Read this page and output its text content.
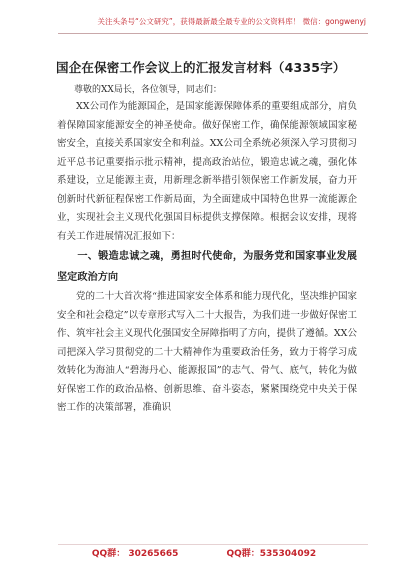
关注头条号“公文研究”，获得最新最全最专业的公文资料库！ 微信：gongwenyj
国企在保密工作会议上的汇报发言材料（4335字）
尊敬的XX局长，各位领导，同志们：

XX公司作为能源国企，是国家能源保障体系的重要组成部分，肩负着保障国家能源安全的神圣使命。做好保密工作，确保能源领域国家秘密安全，直接关系国家安全和利益。XX公司全系统必须深入学习贯彻习近平总书记重要指示批示精神，提高政治站位，锻造忠诚之魂，强化体系建设，立足能源主责，用新理念新举措引领保密工作新发展，奋力开创新时代新征程保密工作新局面，为全面建成中国特色世界一流能源企业，实现社会主义现代化强国目标提供支撑保障。根据会议安排，现将有关工作进展情况汇报如下：

一、锻造忠诚之魂，勇担时代使命，为服务党和国家事业发展坚定政治方向

党的二十大首次将“推进国家安全体系和能力现代化，坚决维护国家安全和社会稳定”以专章形式写入二十大报告，为我们进一步做好保密工作、筑牢社会主义现代化强国安全屏障指明了方向，提供了遵循。XX公司把深入学习贯彻党的二十大精神作为重要政治任务，致力于将学习成效转化为海油人“碧海丹心、能源报国”的志气、骨气、底气，转化为做好保密工作的政治品格、创新思维、奋斗姿态，紧紧围绕党中央关于保密工作的决策部署，准确识

QQ群： 30265665	QQ群：535304092
